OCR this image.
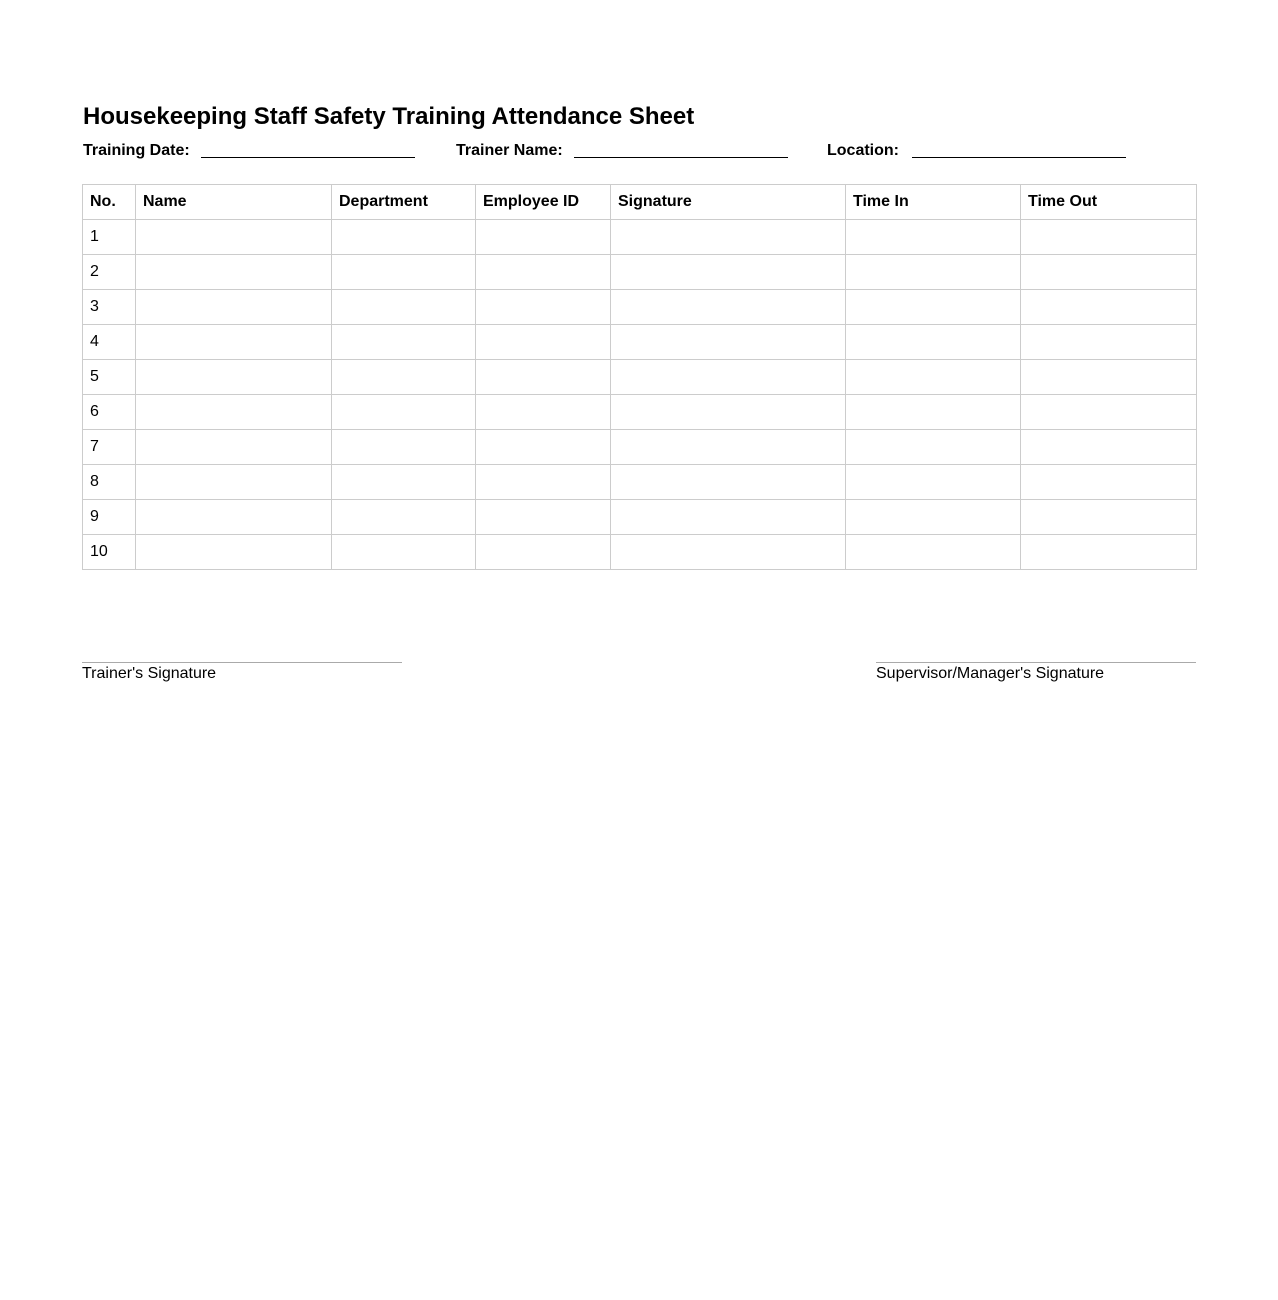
Housekeeping Staff Safety Training Attendance Sheet
Training Date:	Trainer Name:	Location:
No.	Name	Department	Employee ID	Signature	Time In	Time Out
1						
2						
3						
4						
5						
6						
7						
8						
9						
10						
Trainer's Signature	Supervisor/Manager's Signature
